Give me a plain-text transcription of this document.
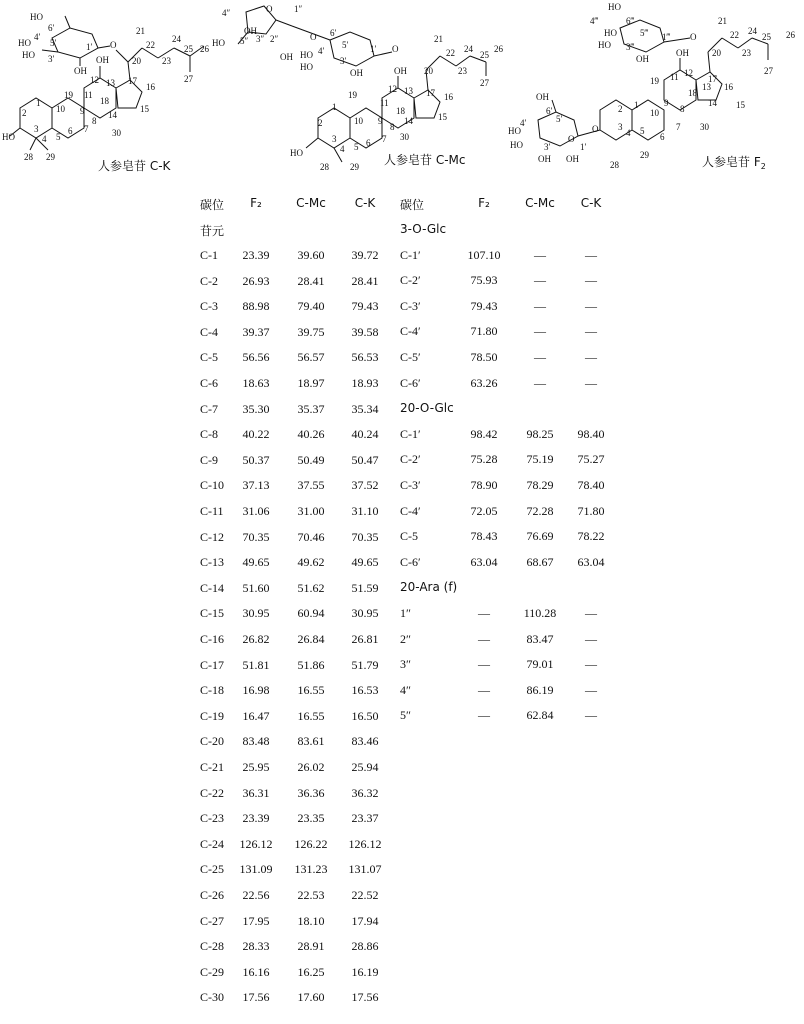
HO
6′
HO
4′
5′
3′
HO
1′
OH
O
OH
21
22
24
25 26
23
27
20
13 17
12
11
15
16
18
14
8
19
9
10
1
2
3
4 5
6 7	30
HO
28 29
人参皂苷 C-K
4″	O 1″
HO 5″
OH
3″ 2″
OH
O 6′
5′ 1′
HO 4′
3′
HO
OH
O
OH
21
22 24
25
26
23
27
20
13 17
12
11
15
16
18
14
8
19
9
10
1
2
3
4 5 6 7 30
HO
28 29 人参皂苷 C-Mc
HO
6‴
4‴
HO	5‴ 1‴
HO 3‴
OH
O
OH
21
22 24
25 26
23
27
20
12
11	17
16
13
18
14 15
8
19
9
10
1
2
3
4 5
6
7 30
28
29
OH
6′
4′	5′
HO
HO 3′
O
1′
OH OH
O
人参皂苷 $F_2$
碳位 F₂	C-Mc C-K 碳位	F₂	C-Mc C-K
苷元
C-1 23.39 39.60 39.72
C-2 26.93 28.41 28.41
C-3 88.98 79.40 79.43
C-4 39.37 39.75 39.58
C-5 56.56 56.57 56.53
C-6 18.63 18.97 18.93
C-7 35.30 35.37 35.34
C-8 40.22 40.26 40.24
C-9 50.37 50.49 50.47
C-10 37.13 37.55 37.52
C-11 31.06 31.00 31.10
C-12 70.35 70.46 70.35
C-13 49.65 49.62 49.65
C-14 51.60 51.62 51.59
C-15 30.95 60.94 30.95
C-16 26.82 26.84 26.81
C-17 51.81 51.86 51.79
C-18 16.98 16.55 16.53
C-19 16.47 16.55 16.50
C-20 83.48 83.61 83.46
C-21 25.95 26.02 25.94
C-22 36.31 36.36 36.32
C-23 23.39 23.35 23.37
C-24 126.12 126.22 126.12
C-25 131.09 131.23 131.07
C-26 22.56 22.53 22.52
C-27 17.95 18.10 17.94
C-28 28.33 28.91 28.86
C-29 16.16 16.25 16.19
C-30 17.56 17.60 17.56
3-O-Glc
C-1′	107.10	—	—
C-2′	75.93	—	—
C-3′	79.43	—	—
C-4′	71.80	—	—
C-5′	78.50	—	—
C-6′	63.26	—	—
20-O-Glc
C-1′	98.42 98.25 98.40
C-2′	75.28 75.19 75.27
C-3′	78.90 78.29 78.40
C-4′	72.05 72.28 71.80
C-5	78.43 76.69 78.22
C-6′	63.04 68.67 63.04
20-Ara (f)
1″	—	110.28 —
2″	—	83.47	—
3″	—	79.01	—
4″	—	86.19	—
5″	—	62.84	—
